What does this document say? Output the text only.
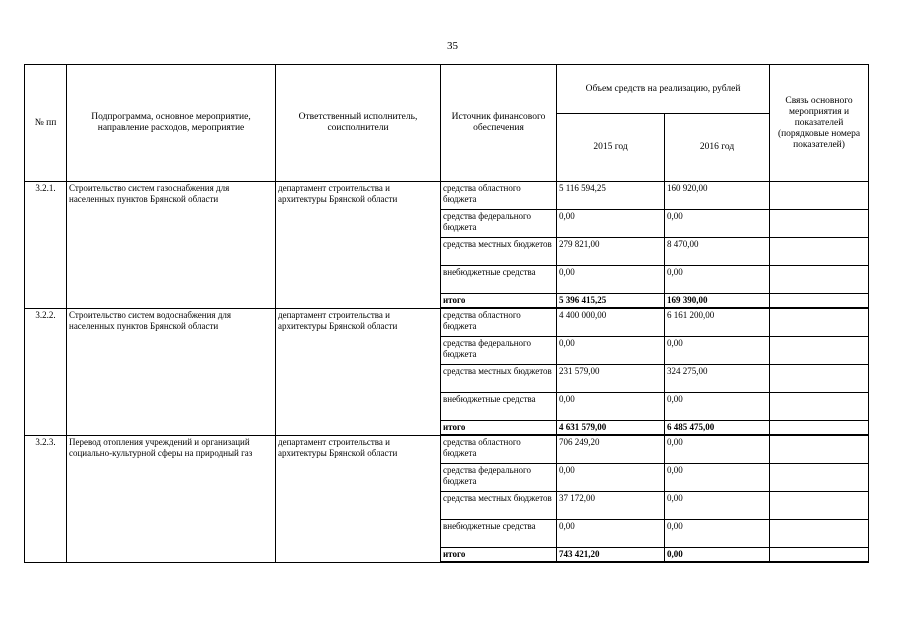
35
№ пп	Подпрограмма, основное мероприятие, направление расходов, мероприятие	Ответственный исполнитель, соисполнители	Источник финансового обеспечения	Объем средств на реализацию, рублей		Связь основного мероприятия и показателей (порядковые номера показателей)
				2015 год	2016 год	
3.2.1.	Строительство систем газоснабжения для населенных пунктов Брянской области	департамент строительства и архитектуры Брянской области	средства областного бюджета	5 116 594,25	160 920,00	
			средства федерального бюджета	0,00	0,00	
			средства местных бюджетов	279 821,00	8 470,00	
			внебюджетные средства	0,00	0,00	
			итого	5 396 415,25	169 390,00	
3.2.2.	Строительство систем водоснабжения для населенных пунктов Брянской области	департамент строительства и архитектуры Брянской области	средства областного бюджета	4 400 000,00	6 161 200,00	
			средства федерального бюджета	0,00	0,00	
			средства местных бюджетов	231 579,00	324 275,00	
			внебюджетные средства	0,00	0,00	
			итого	4 631 579,00	6 485 475,00	
3.2.3.	Перевод отопления учреждений и организаций социально-культурной сферы на природный газ	департамент строительства и архитектуры Брянской области	средства областного бюджета	706 249,20	0,00	
			средства федерального бюджета	0,00	0,00	
			средства местных бюджетов	37 172,00	0,00	
			внебюджетные средства	0,00	0,00	
			итого	743 421,20	0,00	
